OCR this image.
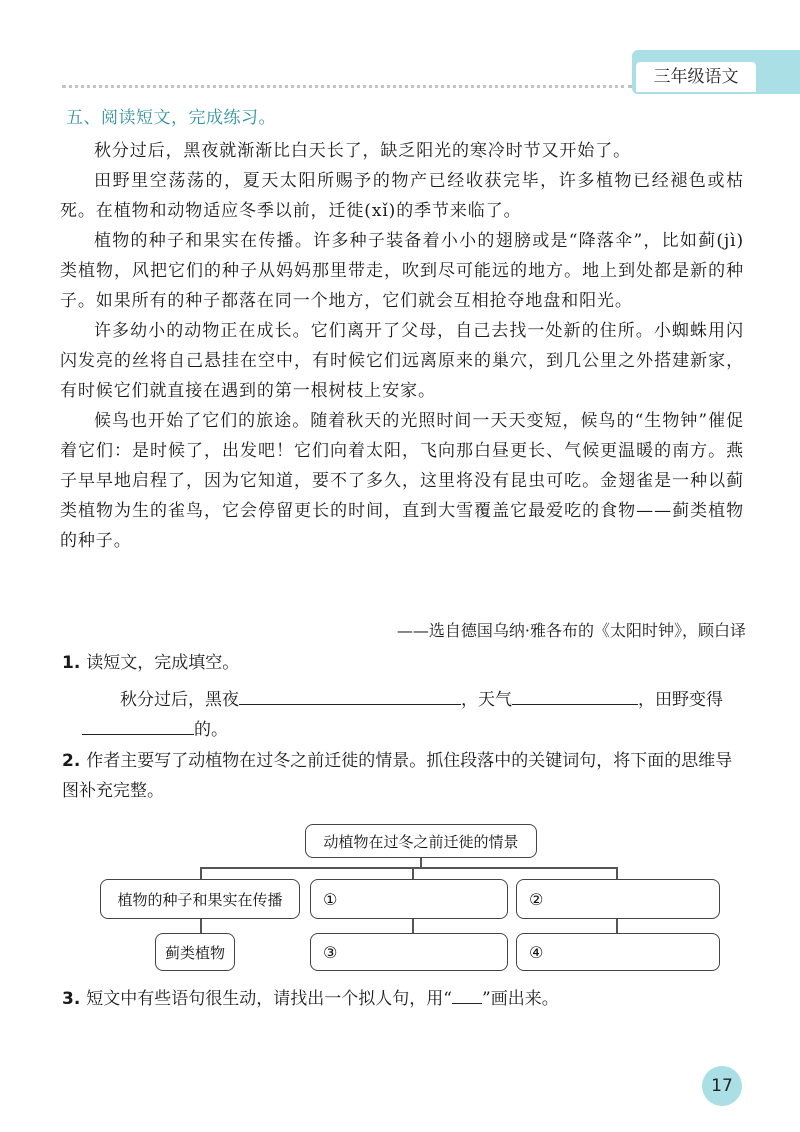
三年级语文
五、阅读短文，完成练习。

秋分过后，黑夜就渐渐比白天长了，缺乏阳光的寒冷时节又开始了。

田野里空荡荡的，夏天太阳所赐予的物产已经收获完毕，许多植物已经褪色或枯死。在植物和动物适应冬季以前，迁徙(xǐ)的季节来临了。

植物的种子和果实在传播。许多种子装备着小小的翅膀或是“降落伞”，比如蓟(jì)类植物，风把它们的种子从妈妈那里带走，吹到尽可能远的地方。地上到处都是新的种子。如果所有的种子都落在同一个地方，它们就会互相抢夺地盘和阳光。

许多幼小的动物正在成长。它们离开了父母，自己去找一处新的住所。小蜘蛛用闪闪发亮的丝将自己悬挂在空中，有时候它们远离原来的巢穴，到几公里之外搭建新家，有时候它们就直接在遇到的第一根树枝上安家。

候鸟也开始了它们的旅途。随着秋天的光照时间一天天变短，候鸟的“生物钟”催促着它们：是时候了，出发吧！它们向着太阳，飞向那白昼更长、气候更温暖的南方。燕子早早地启程了，因为它知道，要不了多久，这里将没有昆虫可吃。金翅雀是一种以蓟类植物为生的雀鸟，它会停留更长的时间，直到大雪覆盖它最爱吃的食物——蓟类植物的种子。

——选自德国乌纳·雅各布的《太阳时钟》，顾白译
1. 读短文，完成填空。
秋分过后，黑夜	，天气	，田野变得
的。
2. 作者主要写了动植物在过冬之前迁徙的情景。抓住段落中的关键词句，将下面的思维导图补充完整。
动植物在过冬之前迁徙的情景
植物的种子和果实在传播	①	②
蓟类植物	③	④
3. 短文中有些语句很生动，请找出一个拟人句，用“ ”画出来。
17
